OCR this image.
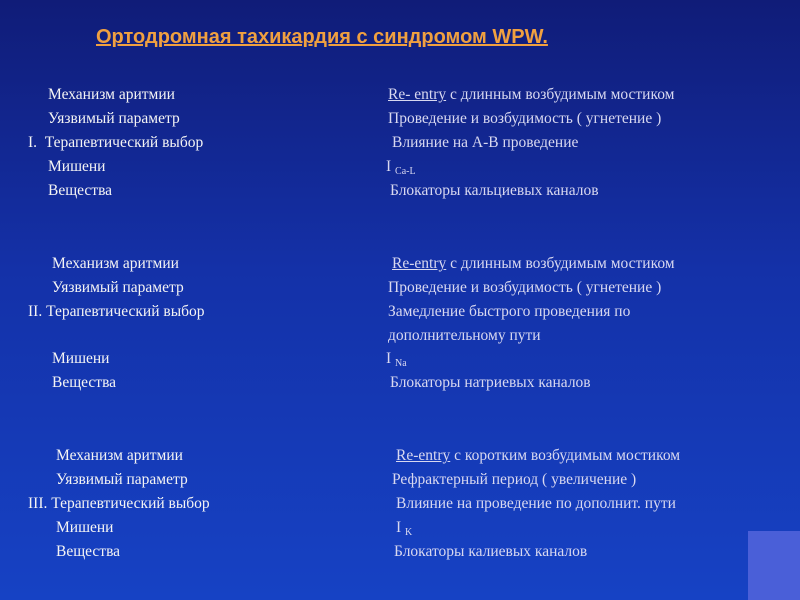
Ортодромная тахикардия с синдромом WPW.
Механизм аритмии	Re- entry с длинным возбудимым мостиком
Уязвимый параметр	Проведение и возбудимость ( угнетение )
I. Терапевтический выбор	Влияние на А-В проведение
Мишени	I $_{Ca-L}$
Вещества	Блокаторы кальциевых каналов
Механизм аритмии	Re-entry с длинным возбудимым мостиком
Уязвимый параметр	Проведение и возбудимость ( угнетение )
II. Терапевтический выбор	Замедление быстрого проведения по
дополнительному пути
Мишени	I $_{Na}$
Вещества	Блокаторы натриевых каналов
Механизм аритмии	Re-entry с коротким возбудимым мостиком
Уязвимый параметр	Рефрактерный период ( увеличение )
III. Терапевтический выбор	Влияние на проведение по дополнит. пути
Мишени	I $_K$
Вещества	Блокаторы калиевых каналов
